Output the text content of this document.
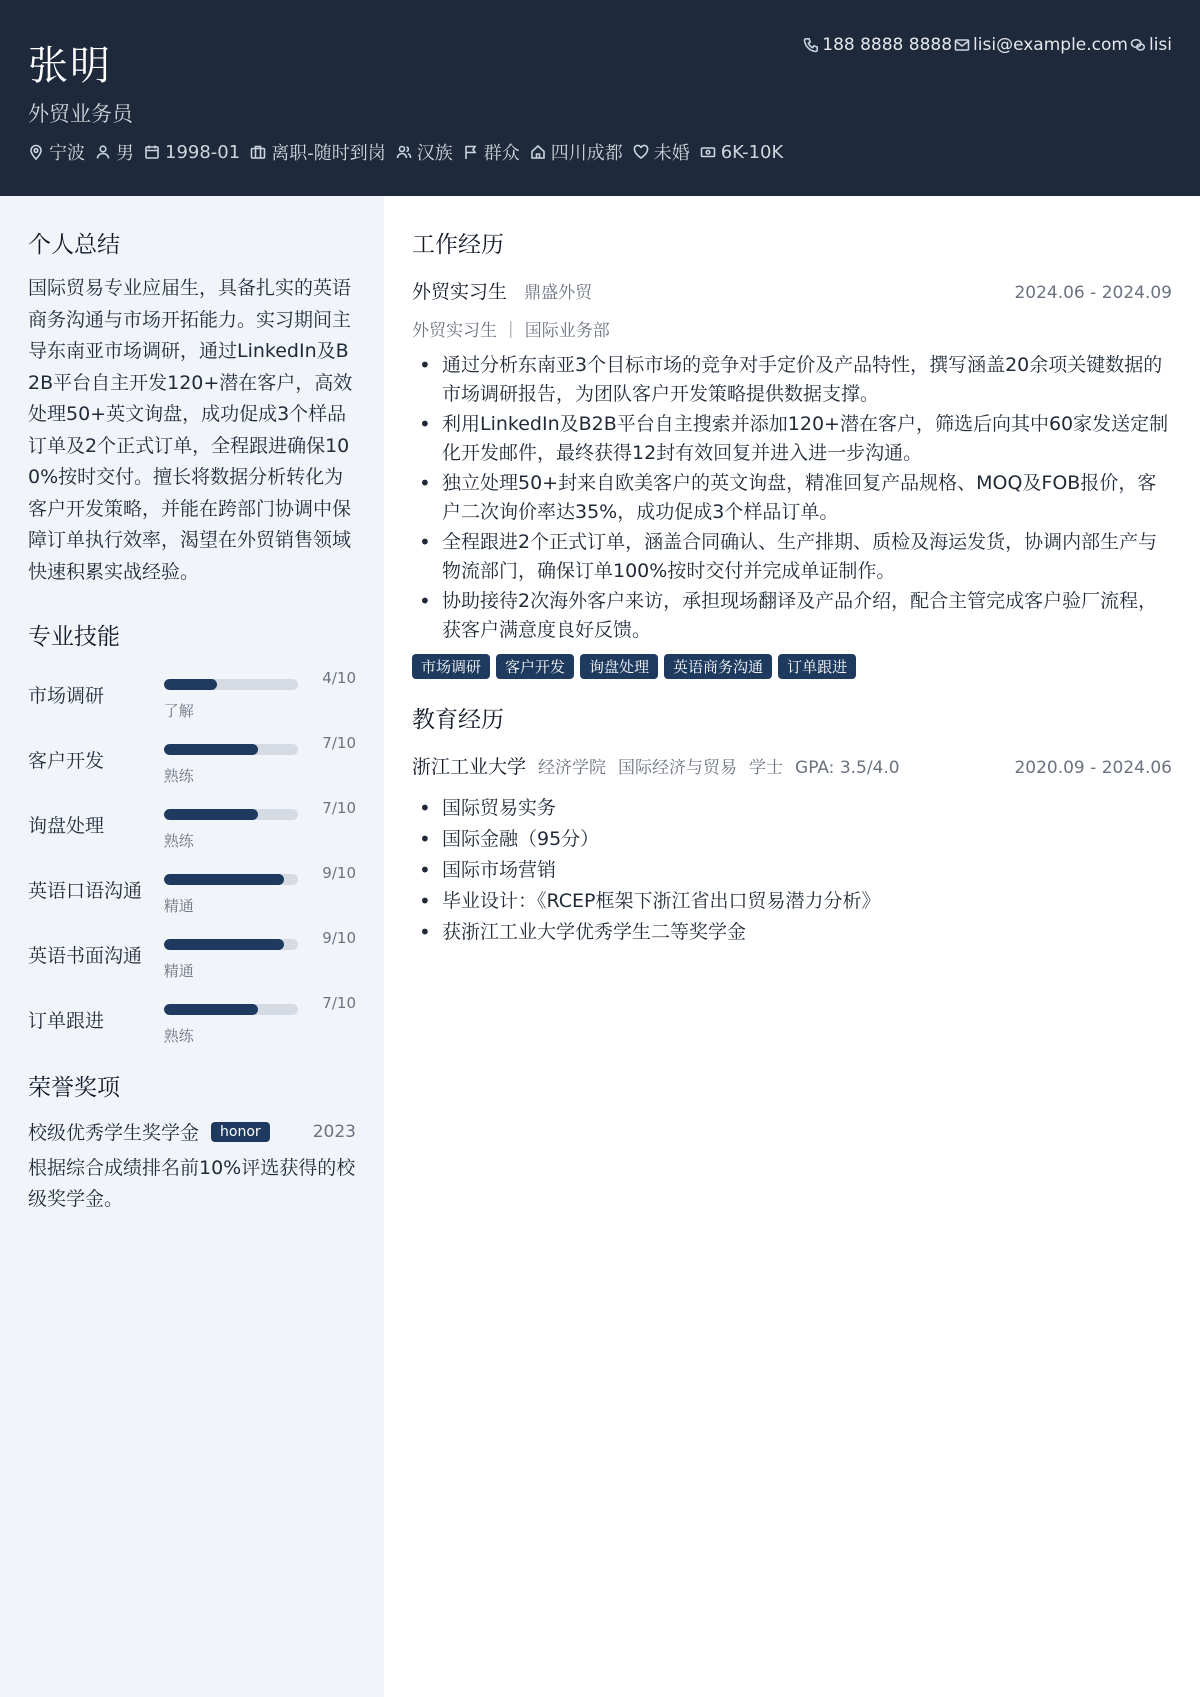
张明
外贸业务员
宁波 男 1998-01 离职-随时到岗 汉族 群众 四川成都 未婚 6K-10K
188 8888 8888 lisi@example.com lisi
个人总结
国际贸易专业应届生，具备扎实的英语商务沟通与市场开拓能力。实习期间主导东南亚市场调研，通过LinkedIn及B2B平台自主开发120+潜在客户，高效处理50+英文询盘，成功促成3个样品订单及2个正式订单，全程跟进确保100%按时交付。擅长将数据分析转化为客户开发策略，并能在跨部门协调中保障订单执行效率，渴望在外贸销售领域快速积累实战经验。
专业技能
市场调研
了解
4/10
客户开发
熟练
7/10
询盘处理
熟练
7/10
英语口语沟通
精通
9/10
英语书面沟通
精通
9/10
订单跟进
熟练
7/10
荣誉奖项
校级优秀学生奖学金	honor	2023
根据综合成绩排名前10%评选获得的校级奖学金。
工作经历
外贸实习生 鼎盛外贸	2024.06 - 2024.09
外贸实习生 ｜ 国际业务部
• 通过分析东南亚3个目标市场的竞争对手定价及产品特性，撰写涵盖20余项关键数据的市场调研报告，为团队客户开发策略提供数据支撑。
• 利用LinkedIn及B2B平台自主搜索并添加120+潜在客户，筛选后向其中60家发送定制化开发邮件，最终获得12封有效回复并进入进一步沟通。
• 独立处理50+封来自欧美客户的英文询盘，精准回复产品规格、MOQ及FOB报价，客户二次询价率达35%，成功促成3个样品订单。
• 全程跟进2个正式订单，涵盖合同确认、生产排期、质检及海运发货，协调内部生产与物流部门，确保订单100%按时交付并完成单证制作。
• 协助接待2次海外客户来访，承担现场翻译及产品介绍，配合主管完成客户验厂流程，获客户满意度良好反馈。
市场调研	客户开发	询盘处理	英语商务沟通	订单跟进
教育经历
浙江工业大学 经济学院 国际经济与贸易 学士 GPA: 3.5/4.0	2020.09 - 2024.06
• 国际贸易实务
• 国际金融（95分）
• 国际市场营销
• 毕业设计：《RCEP框架下浙江省出口贸易潜力分析》
• 获浙江工业大学优秀学生二等奖学金
